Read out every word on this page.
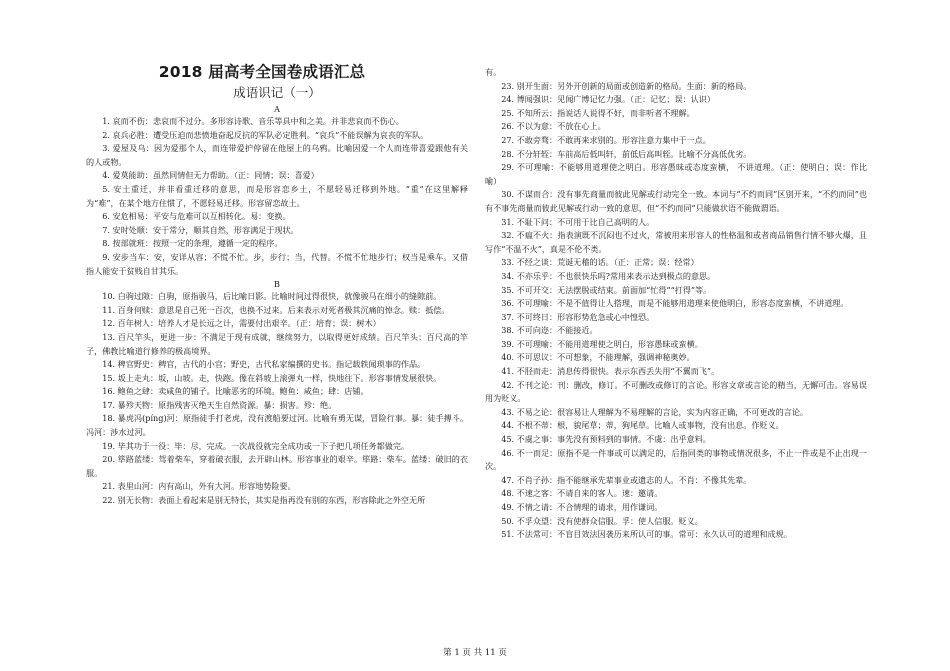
2018 届高考全国卷成语汇总
成语识记（一）
A

1. 哀而不伤：悲哀而不过分。多形容诗歌、音乐等具中和之美。并非悲哀而不伤心。

2. 哀兵必胜：遭受压迫而悲愤地奋起反抗的军队必定胜利。“哀兵”不能误解为哀丧的军队。

3. 爱屋及乌：因为爱那个人，而连带爱护停留在他屋上的乌鸦。比喻因爱一个人而连带喜爱跟他有关的人或物。

4. 爱莫能助：虽然同情但无力帮助。（正：同情；误：喜爱）

5. 安土重迁，并非看重迁移的意思，而是形容恋乡土，不愿轻易迁移到外地。“重”在这里解释为“难”，在某个地方住惯了，不愿轻易迁移。形容留恋故土。

6. 安危相易：平安与危难可以互相转化。易：变换。

7. 安时处顺：安于常分，顺其自然，形容满足于现状。

8. 按部就班：按照一定的条理，遵循一定的程序。

9. 安步当车：安，安详从容；不慌不忙。步，步行；当，代替。不慌不忙地步行；权当是乘车。又借指人能安于贫贱自甘其乐。

B

10. 白驹过隙：白驹，原指骏马，后比喻日影。比喻时间过得很快，就像骏马在细小的缝隙前。

11. 百身何赎：意思是自己死一百次，也换不过来。后来表示对死者极其沉痛的悼念。赎：抵偿。

12. 百年树人：培养人才是长远之计，需要付出艰辛。（正：培育；误：树木）

13. 百尺竿头，更进一步：不满足于现有成就，继续努力，以取得更好成绩。百尺竿头：百尺高的竿子，佛教比喻道行修养的极高境界。

14. 稗官野史：稗官，古代的小官；野史，古代私家编撰的史书。指记载轶闻琐事的作品。

15. 坂上走丸：坂，山坡。走，快跑。像在斜坡上滚弹丸一样，快地往下。形容事情发展很快。

16. 鲍鱼之肆：卖咸鱼的铺子。比喻恶劣的环境。鲍鱼：咸鱼；肆：店铺。

17. 暴殄天物：原指残害灭绝天生自然资源。暴：损害。殄：绝。

18. 暴虎冯(píng)河：原指徒手打老虎，没有渡船要过河。比喻有勇无谋，冒险行事。暴：徒手搏斗。冯河：涉水过河。

19. 毕其功于一役：毕：尽，完成。一次战役就完全成功或一下子把几项任务都做完。

20. 筚路蓝缕：驾着柴车，穿着破衣服，去开辟山林。形容事业的艰辛。筚路：柴车。蓝缕：破旧的衣服。

21. 表里山河：内有高山，外有大河。形容地势险要。

22. 别无长物：表面上看起来是别无特长，其实是指再没有别的东西，形容除此之外空无所

有。

23. 别开生面：另外开创新的局面或创造新的格局。生面：新的格局。

24. 博闻强识：见闻广博记忆力强。（正：记忆；误：认识）

25. 不知所云：指说话人说得不好，而非听者不理解。

26. 不以为意：不放在心上。

27. 不敢旁骛：不敢再来求别的。形容注意力集中于一点。

28. 不分轩轾：车前高后低叫轩，前低后高叫轾。比喻不分高低优劣。

29. 不可理喻：不能够用道理使之明白。形容愚昧或态度蛮横， 不讲道理。（正：使明白；误：作比喻）

30. 不谋而合：没有事先商量而彼此见解或行动完全一致。本词与“不约而同”区别开来，“不约而同”也有不事先商量而彼此见解或行动一致的意思，但“不约而同”只能做状语不能做谓语。

31. 不耻下问：不可用于比自己高明的人。

32. 不瘟不火：指表演既不沉闷也不过火，常被用来形容人的性格温和或者商品销售行情不够火爆，且写作“不温不火”，真是不伦不类。

33. 不经之谈：荒诞无稽的话。（正：正常；误：经常）

34. 不亦乐乎：不也很快乐吗?常用来表示达到极点的意思。

35. 不可开交：无法摆脱或结束。前面加“忙得”“打得”等。

36. 不可理喻：不是不值得让人搭理，而是不能够用道理来使他明白，形容态度蛮横，不讲道理。

37. 不可终日：形容形势危急或心中惶恐。

38. 不可向迩：不能接近。

39. 不可理喻：不能用道理使之明白，形容愚昧或蛮横。

40. 不可思议：不可想象，不能理解，强调神秘奥妙。

41. 不胫而走：消息传得很快。表示东西丢失用“不翼而飞”。

42. 不刊之论：刊：删改，修订。不可删改或修订的言论。形容文章或言论的精当，无懈可击。容易误用为贬义。

43. 不易之论：很容易让人理解为不易理解的言论，实为内容正确，不可更改的言论。

44. 不根不蒂：根，貌尾草；蒂，狗尾草。比喻人或事物，没有出息。作贬义。

45. 不虞之事：事先没有预料到的事情。不虞：出乎意料。

46. 不一而足：原指不是一件事或可以满足的，后指同类的事物或情况很多，不止一件或是不止出现一次。

47. 不肖子孙：指不能继承先辈事业或遗志的人。不肖：不像其先辈。

48. 不速之客：不请自来的客人。速：邀请。

49. 不情之请：不合情理的请求，用作谦词。

50. 不孚众望：没有使群众信服。孚：使人信服。贬义。

51. 不法常可：不盲目效法因袭历来所认可的事。常可：永久认可的道理和成规。

第 1 页 共 11 页
